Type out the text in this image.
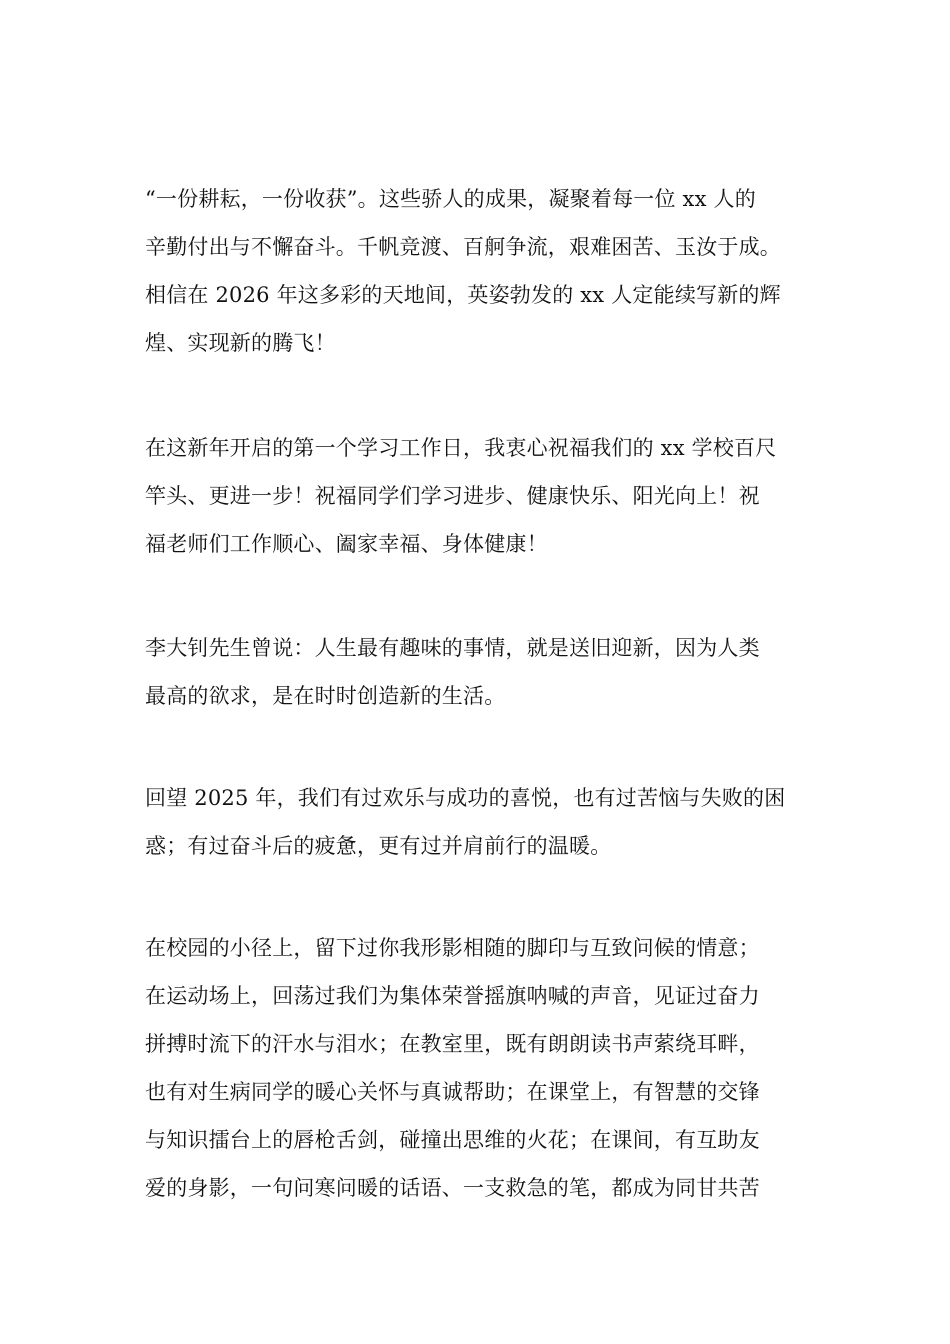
“一份耕耘，一份收获”。这些骄人的成果，凝聚着每一位 xx 人的
辛勤付出与不懈奋斗。千帆竞渡、百舸争流，艰难困苦、玉汝于成。
相信在 2026 年这多彩的天地间，英姿勃发的 xx 人定能续写新的辉
煌、实现新的腾飞！
在这新年开启的第一个学习工作日，我衷心祝福我们的 xx 学校百尺
竿头、更进一步！祝福同学们学习进步、健康快乐、阳光向上！祝
福老师们工作顺心、阖家幸福、身体健康！
李大钊先生曾说：人生最有趣味的事情，就是送旧迎新，因为人类
最高的欲求，是在时时创造新的生活。
回望 2025 年，我们有过欢乐与成功的喜悦，也有过苦恼与失败的困
惑；有过奋斗后的疲惫，更有过并肩前行的温暖。
在校园的小径上，留下过你我形影相随的脚印与互致问候的情意；
在运动场上，回荡过我们为集体荣誉摇旗呐喊的声音，见证过奋力
拼搏时流下的汗水与泪水；在教室里，既有朗朗读书声萦绕耳畔，
也有对生病同学的暖心关怀与真诚帮助；在课堂上，有智慧的交锋
与知识擂台上的唇枪舌剑，碰撞出思维的火花；在课间，有互助友
爱的身影，一句问寒问暖的话语、一支救急的笔，都成为同甘共苦
